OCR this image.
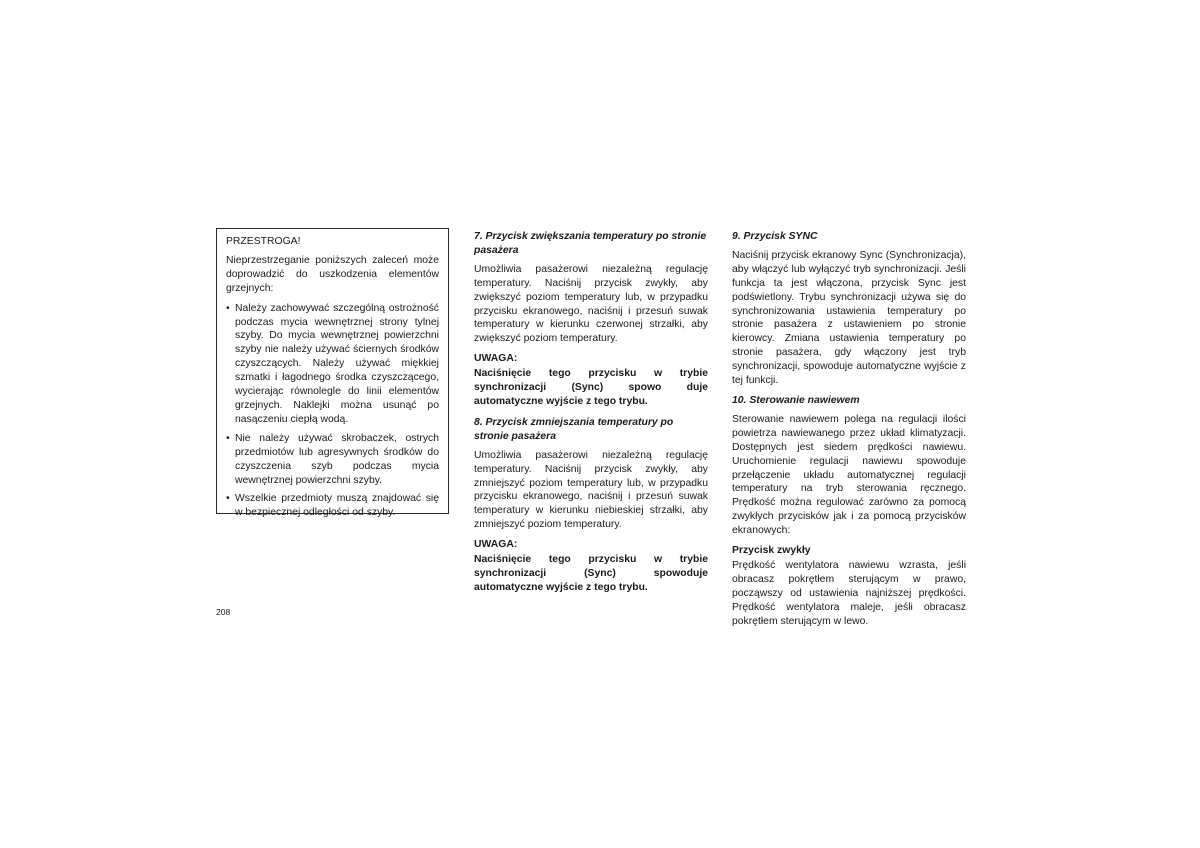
PRZESTROGA!

Nieprzestrzeganie poniższych zaleceń może doprowadzić do uszkodzenia elementów grzejnych:

• Należy zachowywać szczególną ostrożność podczas mycia wewnętrznej strony tylnej szyby. Do mycia wewnętrznej powierzchni szyby nie należy używać ściernych środków czyszczących. Należy używać miękkiej szmatki i łagodnego środka czyszczącego, wycierając równolegle do linii elementów grzejnych. Naklejki można usunąć po nasączeniu ciepłą wodą.
• Nie należy używać skrobaczek, ostrych przedmiotów lub agresywnych środków do czyszczenia szyb podczas mycia wewnętrznej powierzchni szyby.
• Wszelkie przedmioty muszą znajdować się w bezpiecznej odległości od szyby.

7. Przycisk zwiększania temperatury po stronie pasażera

Umożliwia pasażerowi niezależną regulację temperatury. Naciśnij przycisk zwykły, aby zwiększyć poziom temperatury lub, w przypadku przycisku ekranowego, naciśnij i przesuń suwak temperatury w kierunku czerwonej strzałki, aby zwiększyć poziom temperatury.

UWAGA:

Naciśnięcie tego przycisku w trybie synchronizacji (Sync) spowo duje automatyczne wyjście z tego trybu.

8. Przycisk zmniejszania temperatury po stronie pasażera

Umożliwia pasażerowi niezależną regulację temperatury. Naciśnij przycisk zwykły, aby zmniejszyć poziom temperatury lub, w przypadku przycisku ekranowego, naciśnij i przesuń suwak temperatury w kierunku niebieskiej strzałki, aby zmniejszyć poziom temperatury.

UWAGA:

Naciśnięcie tego przycisku w trybie synchronizacji (Sync) spowoduje automatyczne wyjście z tego trybu.

9. Przycisk SYNC

Naciśnij przycisk ekranowy Sync (Synchronizacja), aby włączyć lub wyłączyć tryb synchronizacji. Jeśli funkcja ta jest włączona, przycisk Sync jest podświetlony. Trybu synchronizacji używa się do synchronizowania ustawienia temperatury po stronie pasażera z ustawieniem po stronie kierowcy. Zmiana ustawienia temperatury po stronie pasażera, gdy włączony jest tryb synchronizacji, spowoduje automatyczne wyjście z tej funkcji.

10. Sterowanie nawiewem

Sterowanie nawiewem polega na regulacji ilości powietrza nawiewanego przez układ klimatyzacji. Dostępnych jest siedem prędkości nawiewu. Uruchomienie regulacji nawiewu spowoduje przełączenie układu automatycznej regulacji temperatury na tryb sterowania ręcznego. Prędkość można regulować zarówno za pomocą zwykłych przycisków jak i za pomocą przycisków ekranowych:

Przycisk zwykły

Prędkość wentylatora nawiewu wzrasta, jeśli obracasz pokrętłem sterującym w prawo, począwszy od ustawienia najniższej prędkości. Prędkość wentylatora maleje, jeśli obracasz pokrętłem sterującym w lewo.

208
